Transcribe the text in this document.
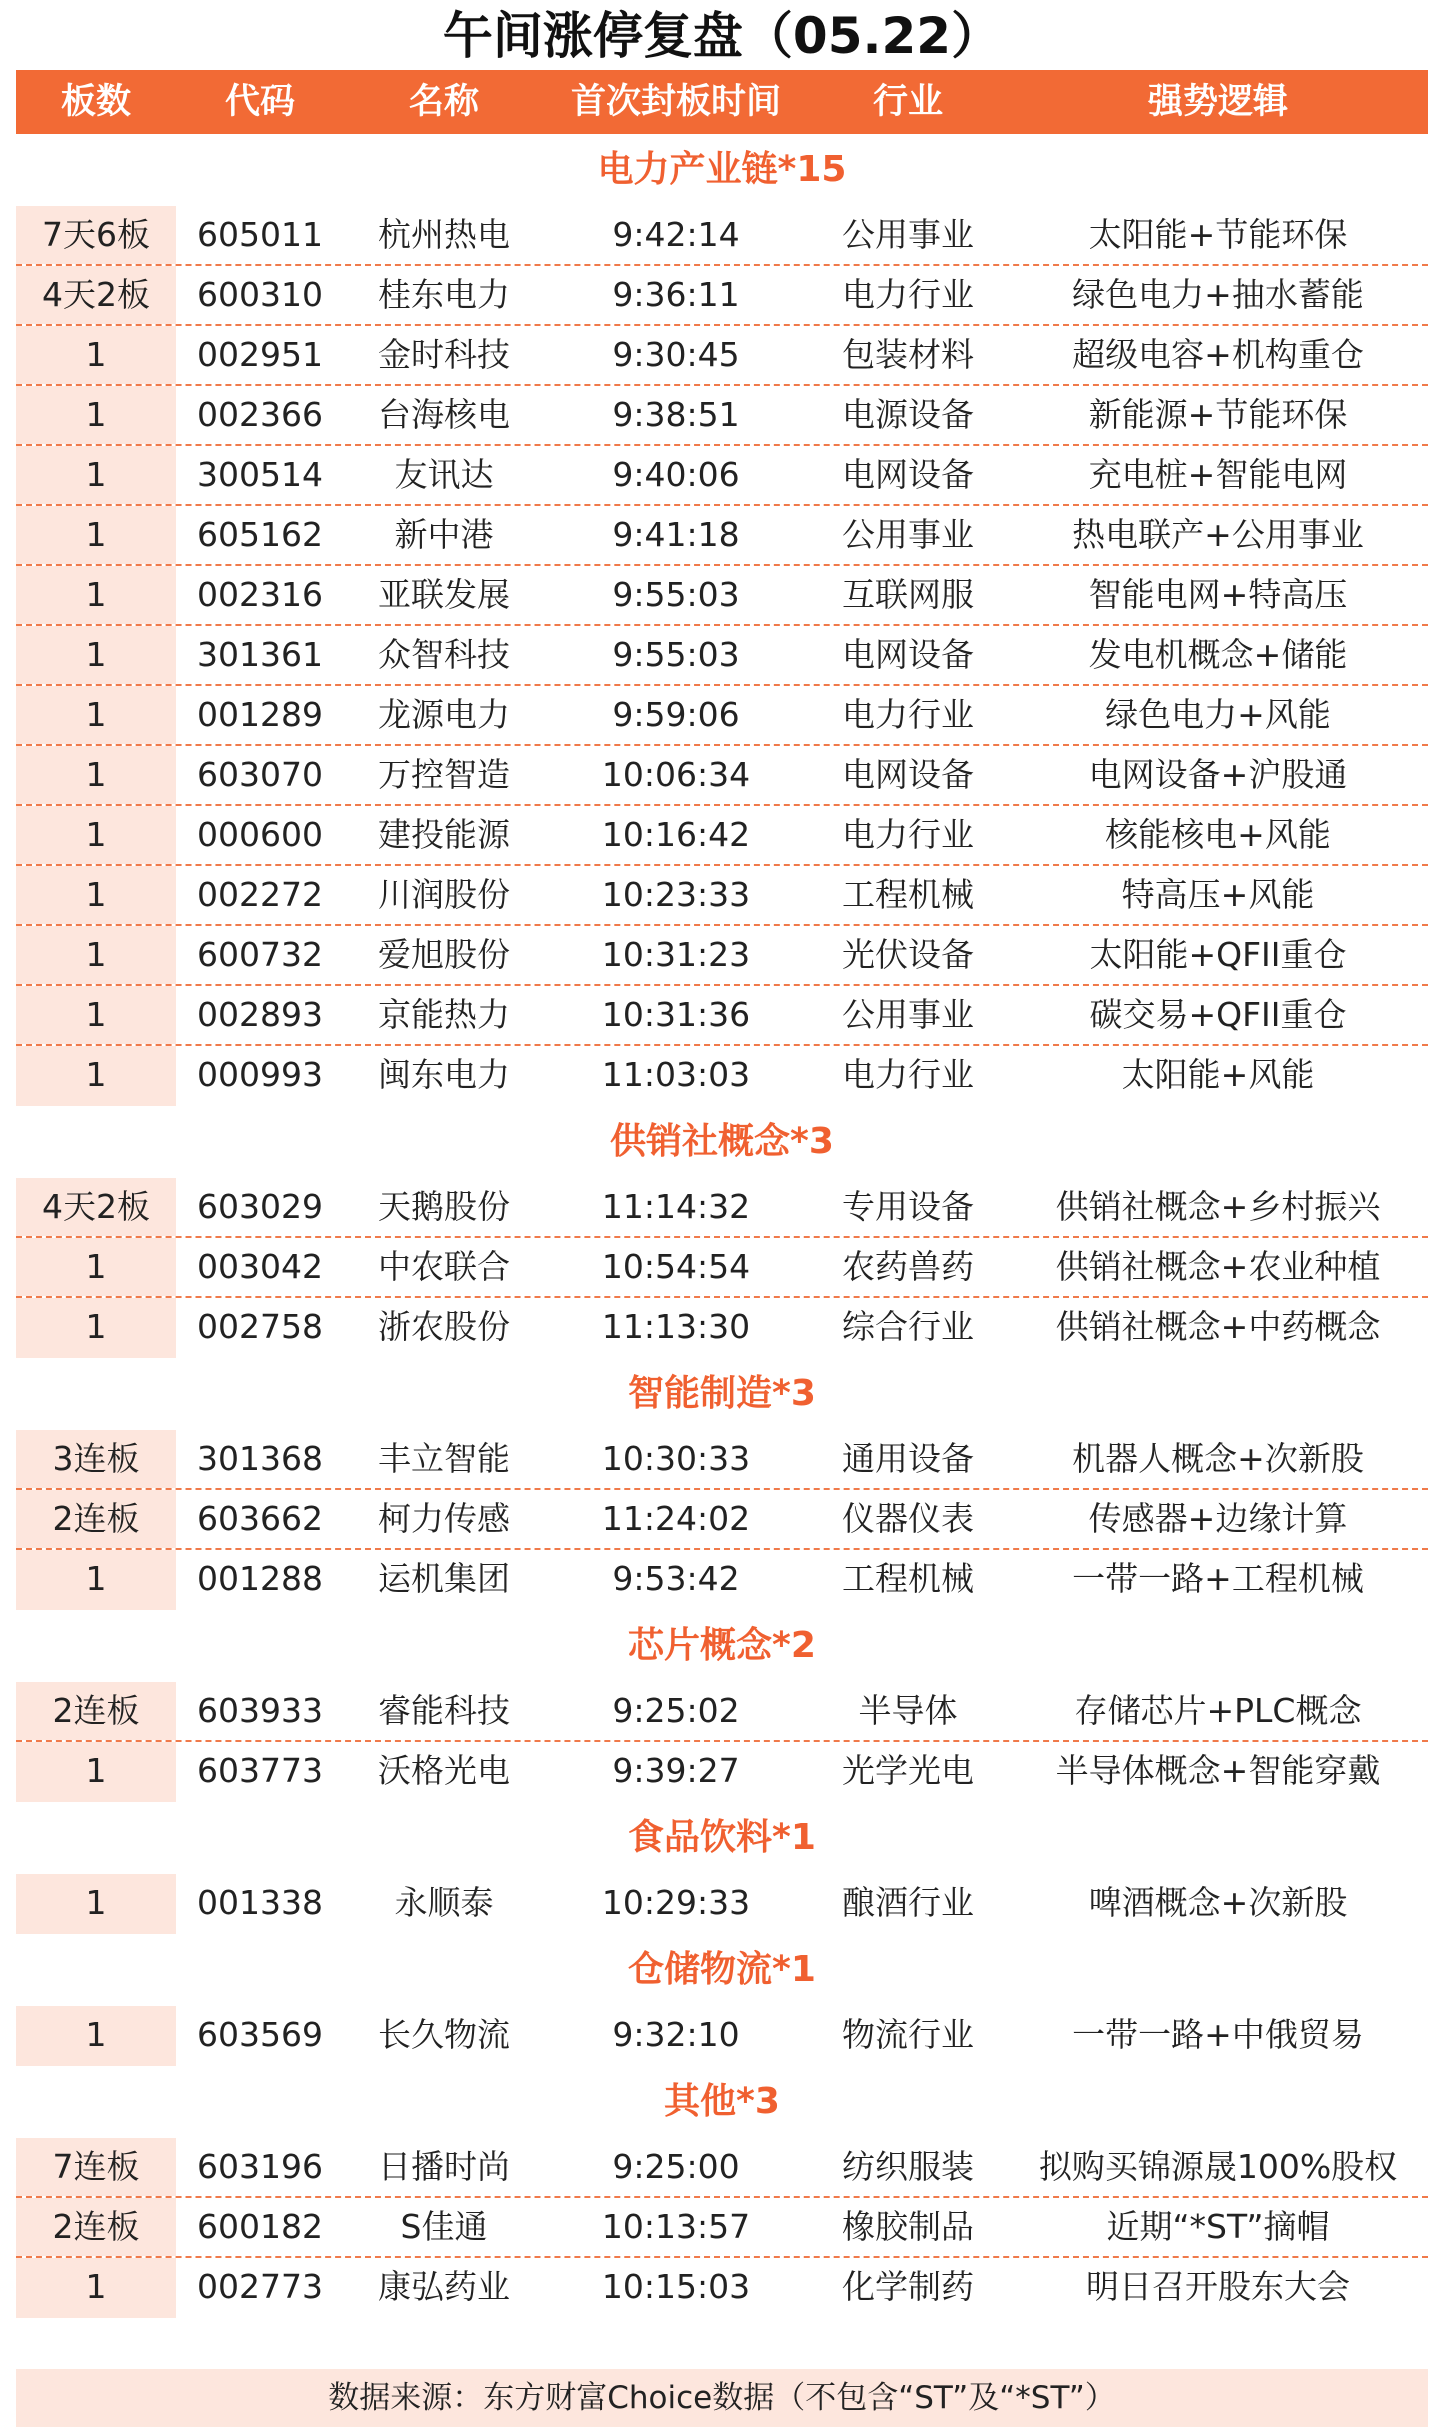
午间涨停复盘（05.22）
板数	代码	名称	首次封板时间	行业	强势逻辑
电力产业链*15
7天6板	605011	杭州热电	9:42:14	公用事业	太阳能+节能环保
4天2板	600310	桂东电力	9:36:11	电力行业	绿色电力+抽水蓄能
1	002951	金时科技	9:30:45	包装材料	超级电容+机构重仓
1	002366	台海核电	9:38:51	电源设备	新能源+节能环保
1	300514	友讯达	9:40:06	电网设备	充电桩+智能电网
1	605162	新中港	9:41:18	公用事业	热电联产+公用事业
1	002316	亚联发展	9:55:03	互联网服	智能电网+特高压
1	301361	众智科技	9:55:03	电网设备	发电机概念+储能
1	001289	龙源电力	9:59:06	电力行业	绿色电力+风能
1	603070	万控智造	10:06:34	电网设备	电网设备+沪股通
1	000600	建投能源	10:16:42	电力行业	核能核电+风能
1	002272	川润股份	10:23:33	工程机械	特高压+风能
1	600732	爱旭股份	10:31:23	光伏设备	太阳能+QFII重仓
1	002893	京能热力	10:31:36	公用事业	碳交易+QFII重仓
1	000993	闽东电力	11:03:03	电力行业	太阳能+风能
供销社概念*3
4天2板	603029	天鹅股份	11:14:32	专用设备	供销社概念+乡村振兴
1	003042	中农联合	10:54:54	农药兽药	供销社概念+农业种植
1	002758	浙农股份	11:13:30	综合行业	供销社概念+中药概念
智能制造*3
3连板	301368	丰立智能	10:30:33	通用设备	机器人概念+次新股
2连板	603662	柯力传感	11:24:02	仪器仪表	传感器+边缘计算
1	001288	运机集团	9:53:42	工程机械	一带一路+工程机械
芯片概念*2
2连板	603933	睿能科技	9:25:02	半导体	存储芯片+PLC概念
1	603773	沃格光电	9:39:27	光学光电	半导体概念+智能穿戴
食品饮料*1
1	001338	永顺泰	10:29:33	酿酒行业	啤酒概念+次新股
仓储物流*1
1	603569	长久物流	9:32:10	物流行业	一带一路+中俄贸易
其他*3
7连板	603196	日播时尚	9:25:00	纺织服装	拟购买锦源晟100%股权
2连板	600182	S佳通	10:13:57	橡胶制品	近期“*ST”摘帽
1	002773	康弘药业	10:15:03	化学制药	明日召开股东大会
数据来源：东方财富Choice数据（不包含“ST”及“*ST”）
